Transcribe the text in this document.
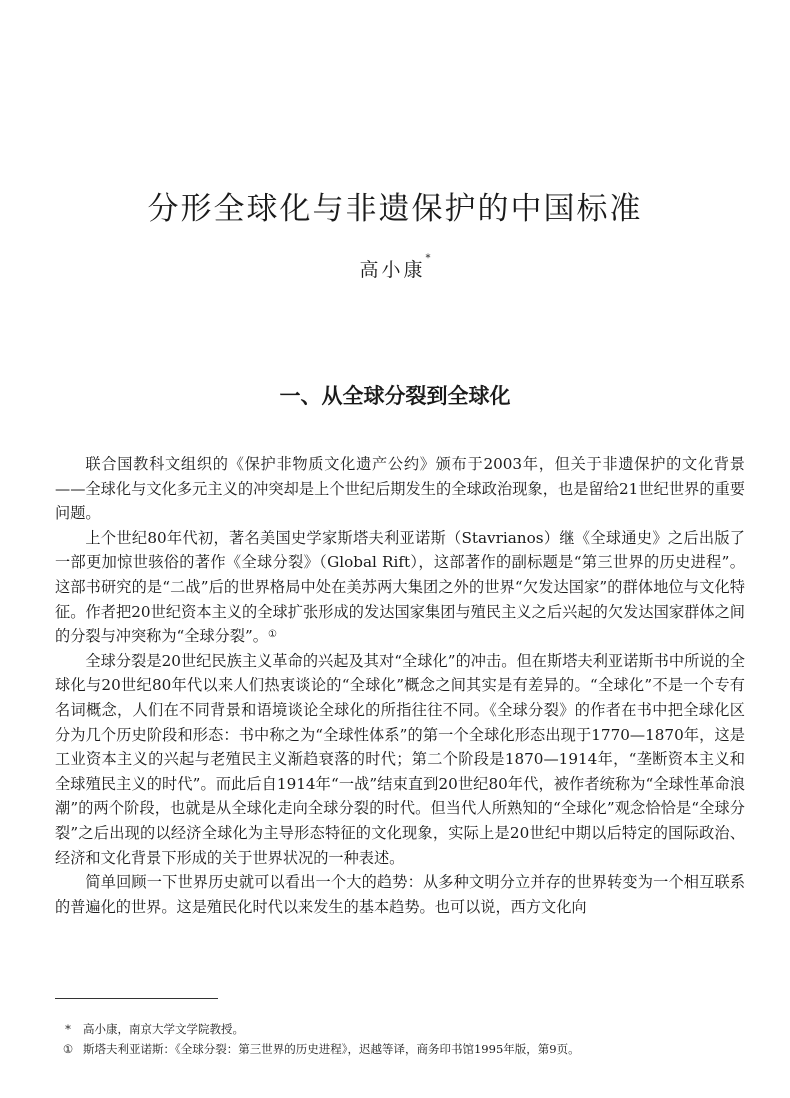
分形全球化与非遗保护的中国标准
高小康*
一、从全球分裂到全球化

联合国教科文组织的《保护非物质文化遗产公约》颁布于2003年，但关于非遗保护的文化背景——全球化与文化多元主义的冲突却是上个世纪后期发生的全球政治现象，也是留给21世纪世界的重要问题。

上个世纪80年代初，著名美国史学家斯塔夫利亚诺斯（Stavrianos）继《全球通史》之后出版了一部更加惊世骇俗的著作《全球分裂》（Global Rift），这部著作的副标题是“第三世界的历史进程”。这部书研究的是“二战”后的世界格局中处在美苏两大集团之外的世界“欠发达国家”的群体地位与文化特征。作者把20世纪资本主义的全球扩张形成的发达国家集团与殖民主义之后兴起的欠发达国家群体之间的分裂与冲突称为“全球分裂”。①

全球分裂是20世纪民族主义革命的兴起及其对“全球化”的冲击。但在斯塔夫利亚诺斯书中所说的全球化与20世纪80年代以来人们热衷谈论的“全球化”概念之间其实是有差异的。“全球化”不是一个专有名词概念，人们在不同背景和语境谈论全球化的所指往往不同。《全球分裂》的作者在书中把全球化区分为几个历史阶段和形态：书中称之为“全球性体系”的第一个全球化形态出现于1770—1870年，这是工业资本主义的兴起与老殖民主义渐趋衰落的时代；第二个阶段是1870—1914年，“垄断资本主义和全球殖民主义的时代”。而此后自1914年“一战”结束直到20世纪80年代，被作者统称为“全球性革命浪潮”的两个阶段，也就是从全球化走向全球分裂的时代。但当代人所熟知的“全球化”观念恰恰是“全球分裂”之后出现的以经济全球化为主导形态特征的文化现象，实际上是20世纪中期以后特定的国际政治、经济和文化背景下形成的关于世界状况的一种表述。

简单回顾一下世界历史就可以看出一个大的趋势：从多种文明分立并存的世界转变为一个相互联系的普遍化的世界。这是殖民化时代以来发生的基本趋势。也可以说，西方文化向

* 高小康，南京大学文学院教授。
① 斯塔夫利亚诺斯：《全球分裂：第三世界的历史进程》，迟越等译，商务印书馆1995年版，第9页。
